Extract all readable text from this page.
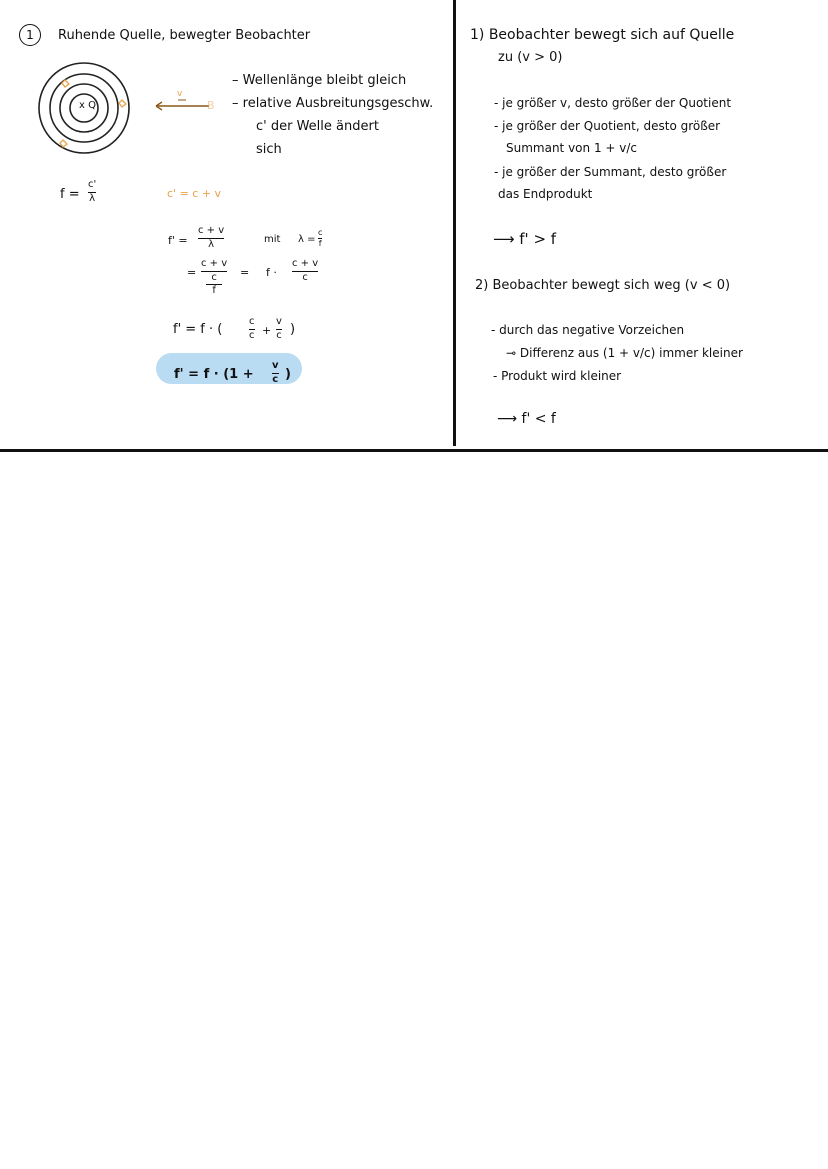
1	Ruhende Quelle, bewegter Beobachter
x Q
v
B
– Wellenlänge bleibt gleich
– relative Ausbreitungsgeschw.
c' der Welle ändert
sich
f =
c'
λ	c' = c + v
f' =
c + v
λ	mit λ =
c
f
=
c + v
c
f
= f ·
c + v
c
f' = f · (
c
c +
v
c )
f' = f · (1 +
v
c )
1) Beobachter bewegt sich auf Quelle
zu (v > 0)
- je größer v, desto größer der Quotient
- je größer der Quotient, desto größer
Summant von 1 + v/c
- je größer der Summant, desto größer
das Endprodukt
⟶ f' > f
2) Beobachter bewegt sich weg (v < 0)
- durch das negative Vorzeichen
⊸ Differenz aus (1 + v/c) immer kleiner
- Produkt wird kleiner
⟶ f' < f
